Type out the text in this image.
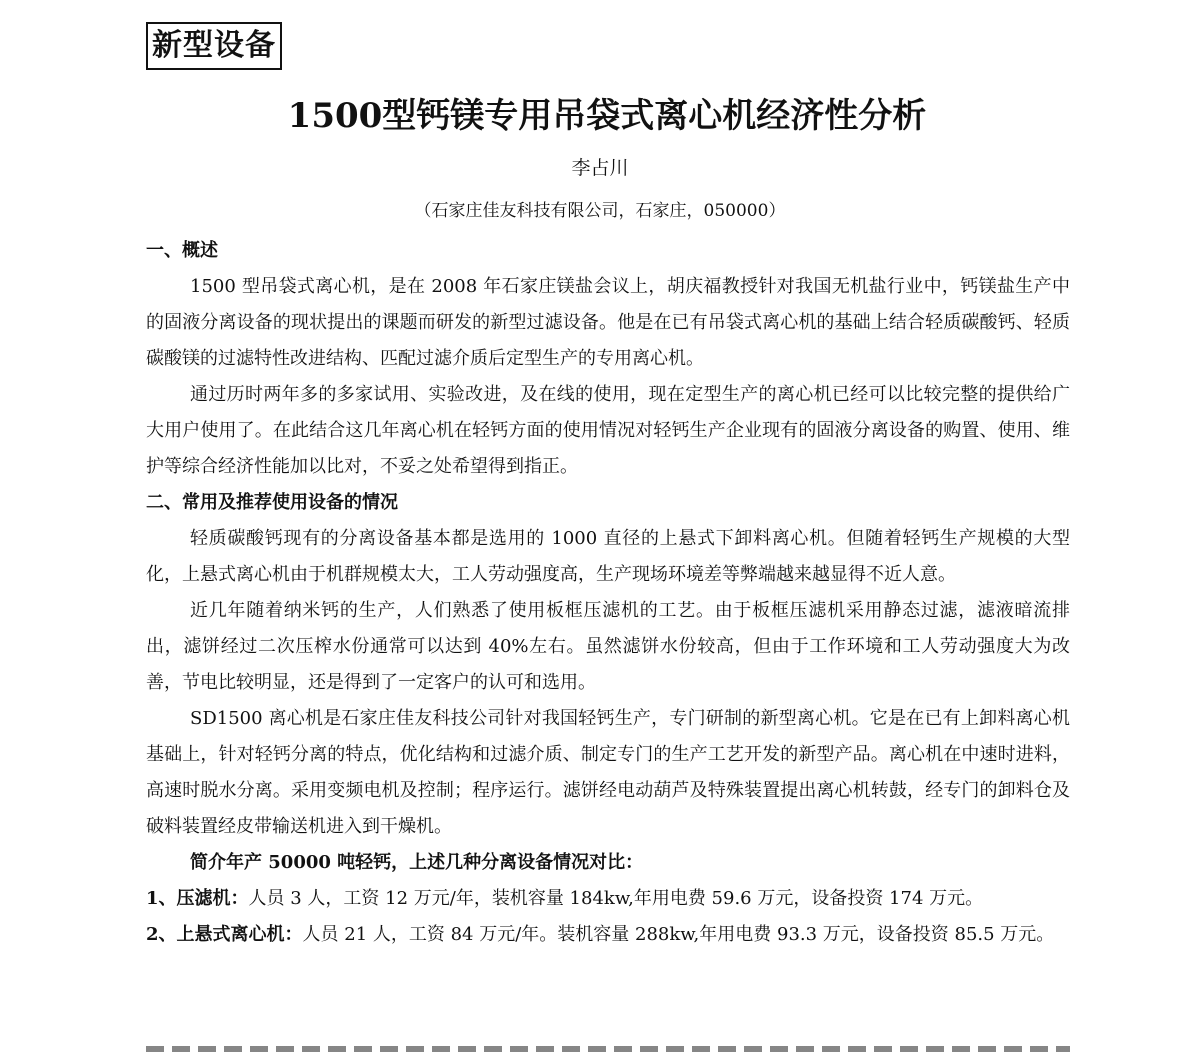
新型设备
1500型钙镁专用吊袋式离心机经济性分析
李占川
（石家庄佳友科技有限公司，石家庄，050000）

一、概述

1500 型吊袋式离心机，是在 2008 年石家庄镁盐会议上，胡庆福教授针对我国无机盐行业中，钙镁盐生产中的固液分离设备的现状提出的课题而研发的新型过滤设备。他是在已有吊袋式离心机的基础上结合轻质碳酸钙、轻质碳酸镁的过滤特性改进结构、匹配过滤介质后定型生产的专用离心机。

通过历时两年多的多家试用、实验改进，及在线的使用，现在定型生产的离心机已经可以比较完整的提供给广大用户使用了。在此结合这几年离心机在轻钙方面的使用情况对轻钙生产企业现有的固液分离设备的购置、使用、维护等综合经济性能加以比对，不妥之处希望得到指正。

二、常用及推荐使用设备的情况

轻质碳酸钙现有的分离设备基本都是选用的 1000 直径的上悬式下卸料离心机。但随着轻钙生产规模的大型化，上悬式离心机由于机群规模太大，工人劳动强度高，生产现场环境差等弊端越来越显得不近人意。

近几年随着纳米钙的生产，人们熟悉了使用板框压滤机的工艺。由于板框压滤机采用静态过滤，滤液暗流排出，滤饼经过二次压榨水份通常可以达到 40%左右。虽然滤饼水份较高，但由于工作环境和工人劳动强度大为改善，节电比较明显，还是得到了一定客户的认可和选用。

SD1500 离心机是石家庄佳友科技公司针对我国轻钙生产，专门研制的新型离心机。它是在已有上卸料离心机基础上，针对轻钙分离的特点，优化结构和过滤介质、制定专门的生产工艺开发的新型产品。离心机在中速时进料，高速时脱水分离。采用变频电机及控制；程序运行。滤饼经电动葫芦及特殊装置提出离心机转鼓，经专门的卸料仓及破料装置经皮带输送机进入到干燥机。

简介年产 50000 吨轻钙，上述几种分离设备情况对比：

1、压滤机：人员 3 人，工资 12 万元/年，装机容量 184kw,年用电费 59.6 万元，设备投资 174 万元。

2、上悬式离心机：人员 21 人，工资 84 万元/年。装机容量 288kw,年用电费 93.3 万元，设备投资 85.5 万元。
